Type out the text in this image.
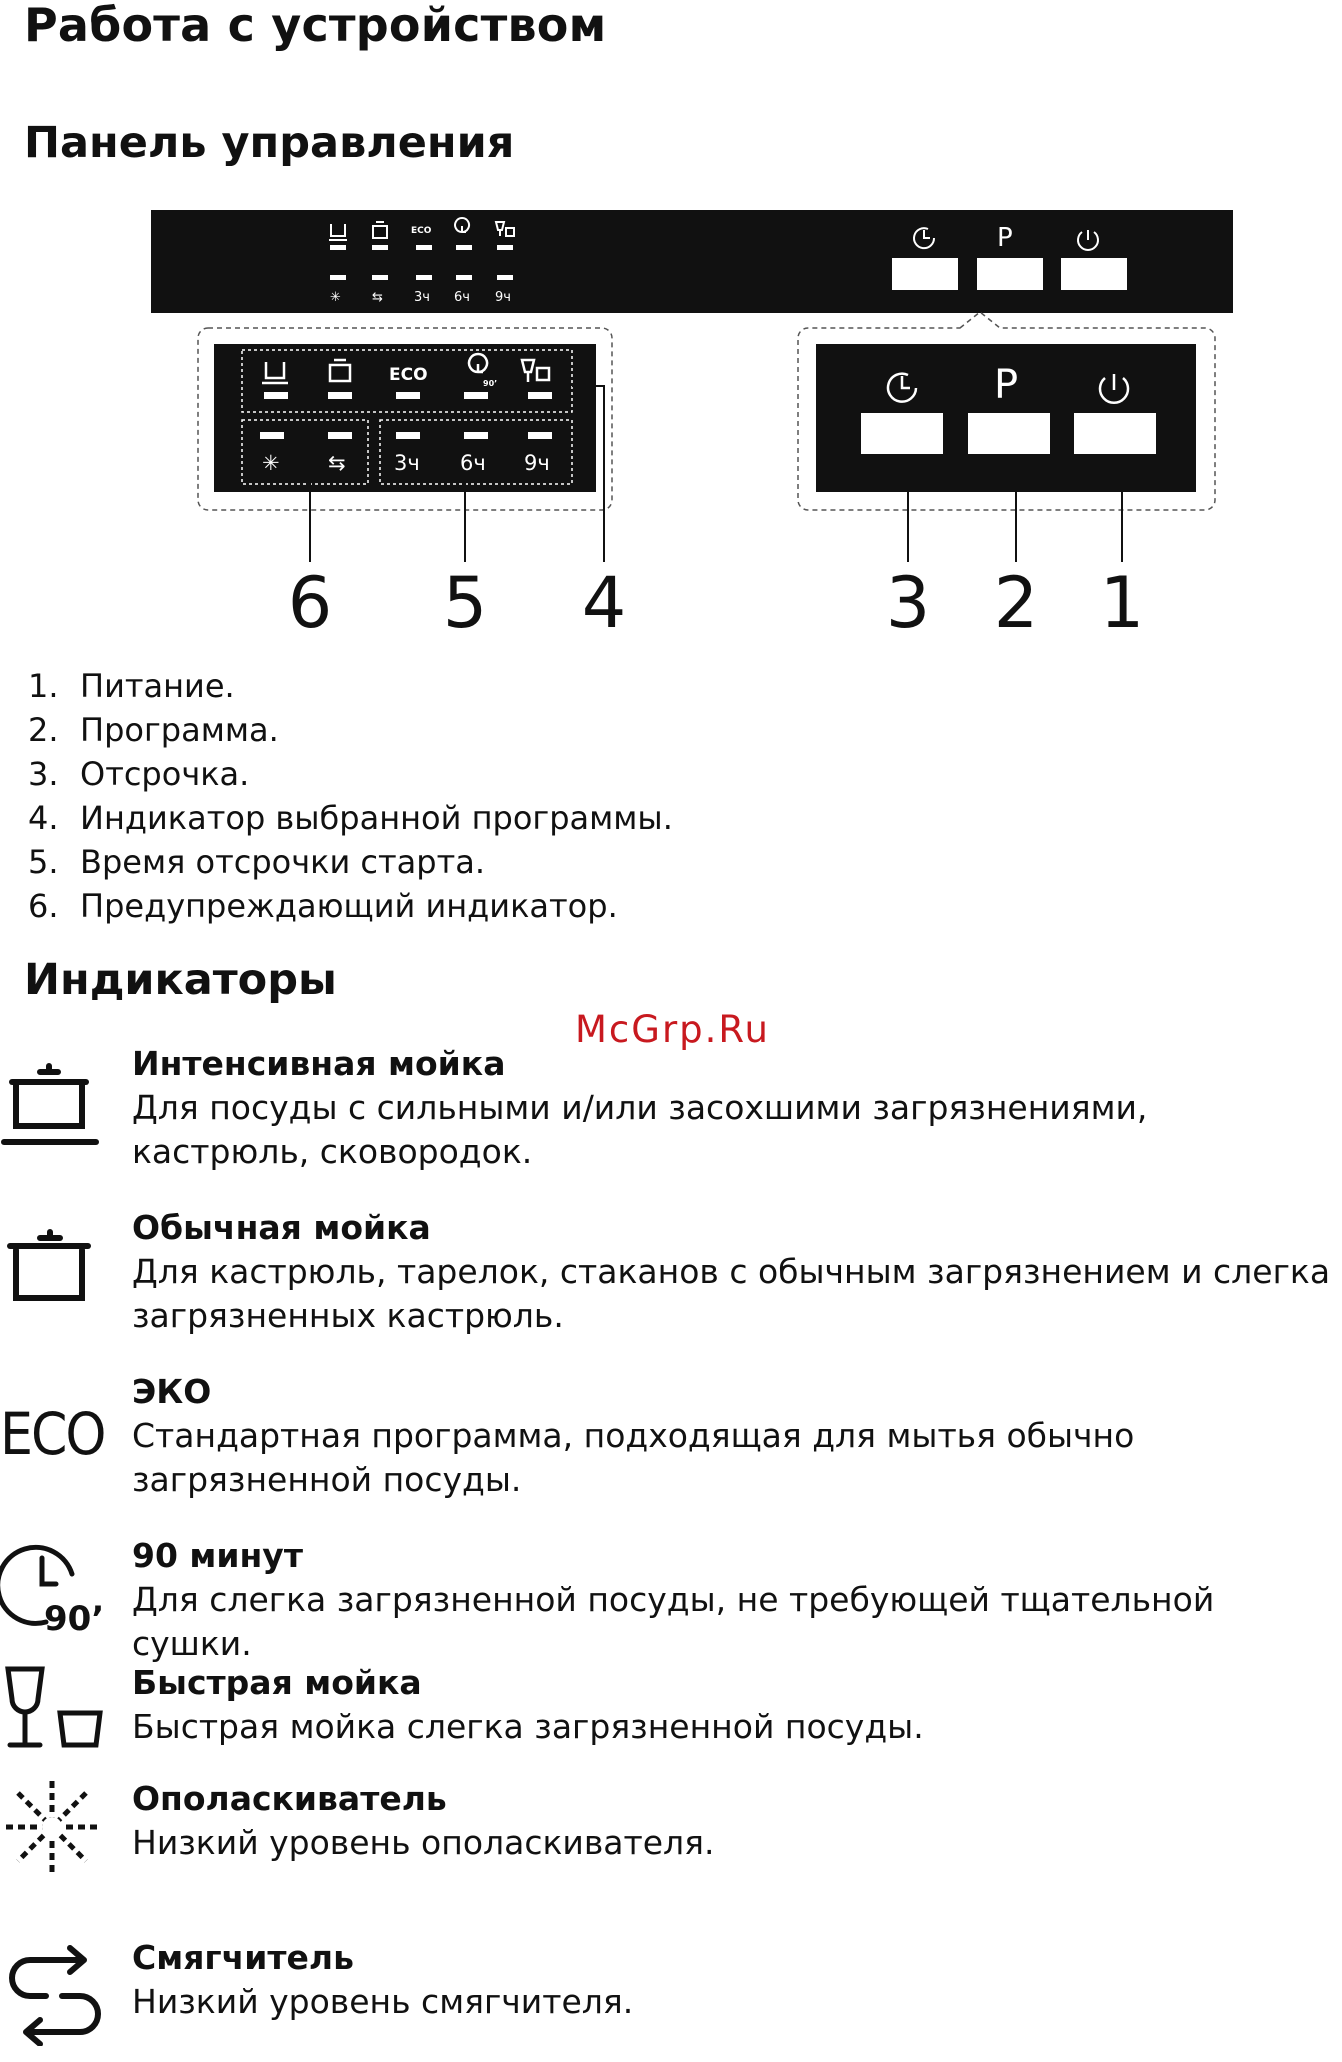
Работа с устройством
Панель управления
ECO
✳ ⇆ 3ч 6ч 9ч
P
ECO	90’
✳ ⇆ 3ч 6ч 9ч
P
6 5 4	3 2 1
1. Питание.
2. Программа.
3. Отсрочка.
4. Индикатор выбранной программы.
5. Время отсрочки старта.
6. Предупреждающий индикатор.
Индикаторы
McGrp.Ru
Интенсивная мойка
Для посуды с сильными и/или засохшими загрязнениями, кастрюль, сковородок.
Обычная мойка
Для кастрюль, тарелок, стаканов с обычным загрязнением и слегка загрязненных кастрюль.
ECO
ЭКО
Стандартная программа, подходящая для мытья обычно загрязненной посуды.
90’
90 минут
Для слегка загрязненной посуды, не требующей тщательной сушки.
Быстрая мойка
Быстрая мойка слегка загрязненной посуды.
Ополаскиватель
Низкий уровень ополаскивателя.
Смягчитель
Низкий уровень смягчителя.
